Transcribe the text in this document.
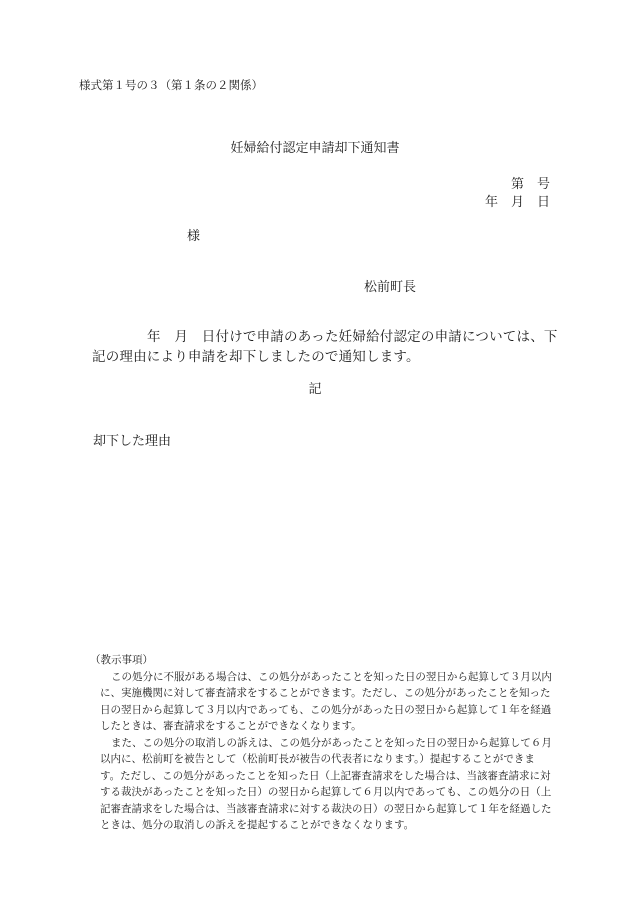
様式第１号の３（第１条の２関係）
妊婦給付認定申請却下通知書
第　号
年　月　日
様
松前町長
年　月　日付けで申請のあった妊婦給付認定の申請については、下記の理由により申請を却下しましたので通知します。
記
却下した理由
（教示事項）
この処分に不服がある場合は、この処分があったことを知った日の翌日から起算して３月以内に、実施機関に対して審査請求をすることができます。ただし、この処分があったことを知った日の翌日から起算して３月以内であっても、この処分があった日の翌日から起算して１年を経過したときは、審査請求をすることができなくなります。
また、この処分の取消しの訴えは、この処分があったことを知った日の翌日から起算して６月以内に、松前町を被告として（松前町長が被告の代表者になります。）提起することができます。ただし、この処分があったことを知った日（上記審査請求をした場合は、当該審査請求に対する裁決があったことを知った日）の翌日から起算して６月以内であっても、この処分の日（上記審査請求をした場合は、当該審査請求に対する裁決の日）の翌日から起算して１年を経過したときは、処分の取消しの訴えを提起することができなくなります。
